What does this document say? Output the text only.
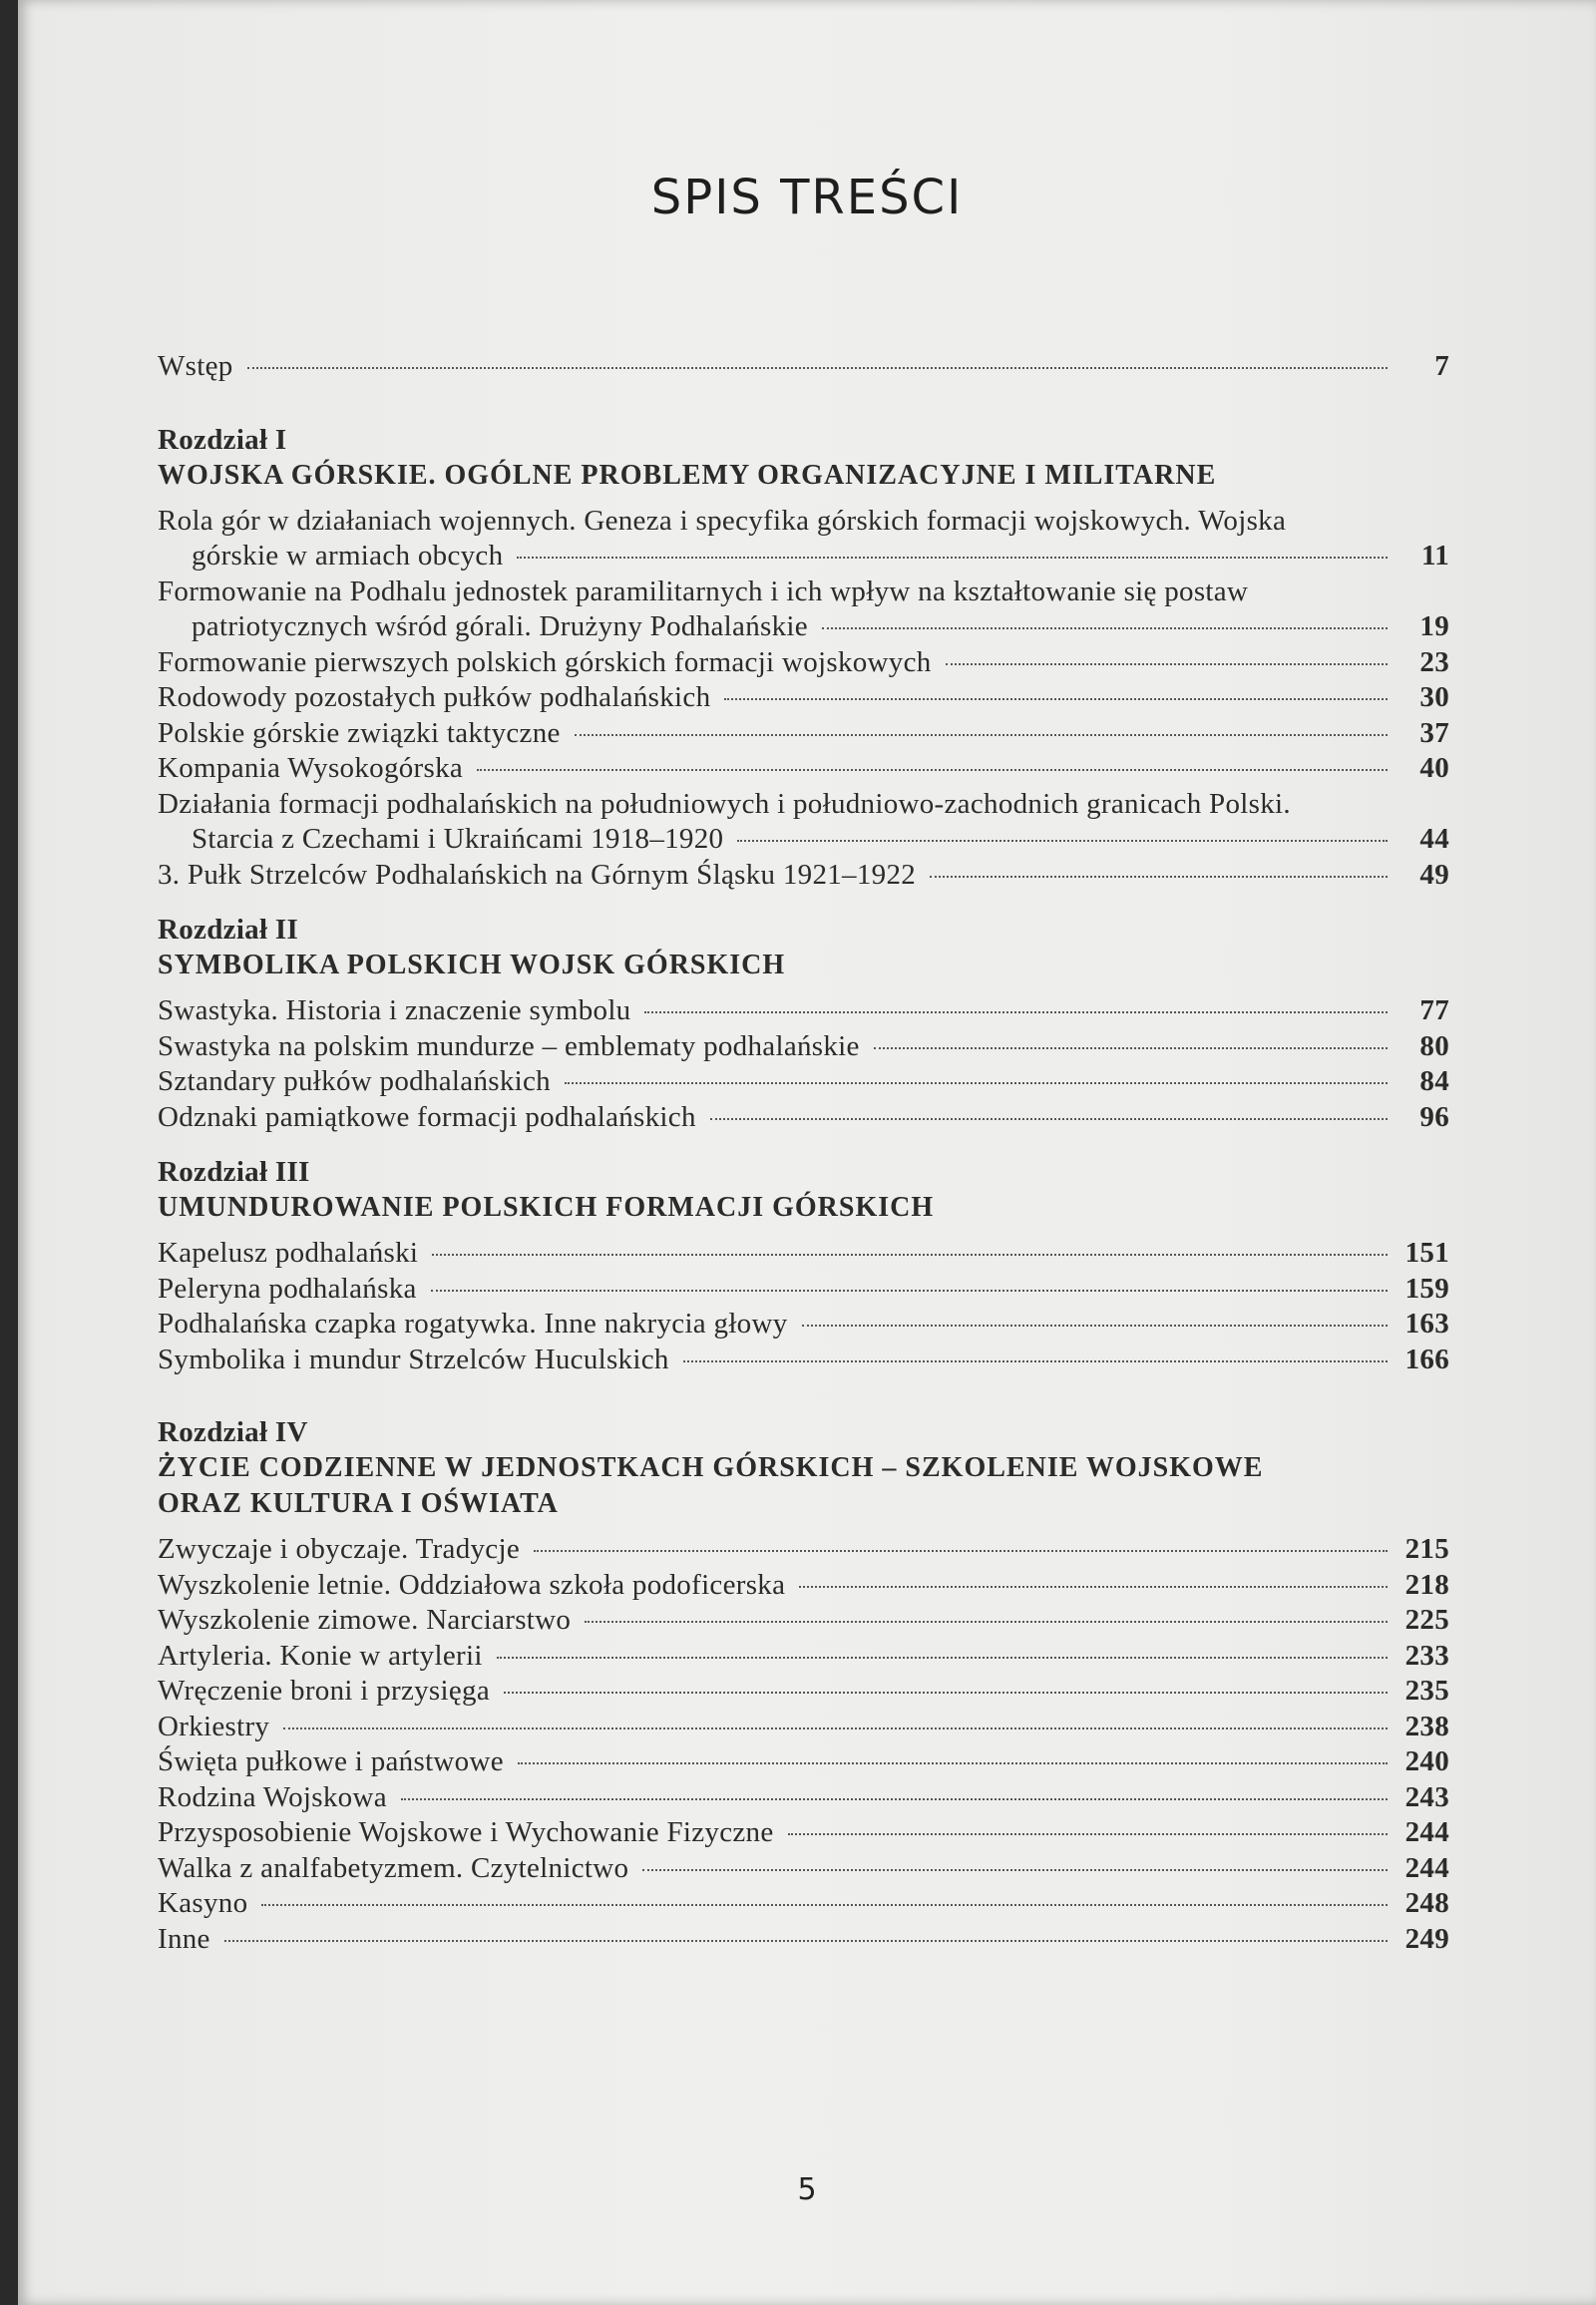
SPIS TREŚCI
Wstęp	7
Rozdział I
WOJSKA GÓRSKIE. OGÓLNE PROBLEMY ORGANIZACYJNE I MILITARNE
Rola gór w działaniach wojennych. Geneza i specyfika górskich formacji wojskowych. Wojska
górskie w armiach obcych	11
Formowanie na Podhalu jednostek paramilitarnych i ich wpływ na kształtowanie się postaw
patriotycznych wśród górali. Drużyny Podhalańskie	19
Formowanie pierwszych polskich górskich formacji wojskowych	23
Rodowody pozostałych pułków podhalańskich	30
Polskie górskie związki taktyczne	37
Kompania Wysokogórska	40
Działania formacji podhalańskich na południowych i południowo-zachodnich granicach Polski.
Starcia z Czechami i Ukraińcami 1918–1920	44
3. Pułk Strzelców Podhalańskich na Górnym Śląsku 1921–1922	49
Rozdział II
SYMBOLIKA POLSKICH WOJSK GÓRSKICH
Swastyka. Historia i znaczenie symbolu	77
Swastyka na polskim mundurze – emblematy podhalańskie	80
Sztandary pułków podhalańskich	84
Odznaki pamiątkowe formacji podhalańskich	96
Rozdział III
UMUNDUROWANIE POLSKICH FORMACJI GÓRSKICH
Kapelusz podhalański	151
Peleryna podhalańska	159
Podhalańska czapka rogatywka. Inne nakrycia głowy	163
Symbolika i mundur Strzelców Huculskich	166
Rozdział IV
ŻYCIE CODZIENNE W JEDNOSTKACH GÓRSKICH – SZKOLENIE WOJSKOWE
ORAZ KULTURA I OŚWIATA
Zwyczaje i obyczaje. Tradycje	215
Wyszkolenie letnie. Oddziałowa szkoła podoficerska	218
Wyszkolenie zimowe. Narciarstwo	225
Artyleria. Konie w artylerii	233
Wręczenie broni i przysięga	235
Orkiestry	238
Święta pułkowe i państwowe	240
Rodzina Wojskowa	243
Przysposobienie Wojskowe i Wychowanie Fizyczne	244
Walka z analfabetyzmem. Czytelnictwo	244
Kasyno	248
Inne	249
5
